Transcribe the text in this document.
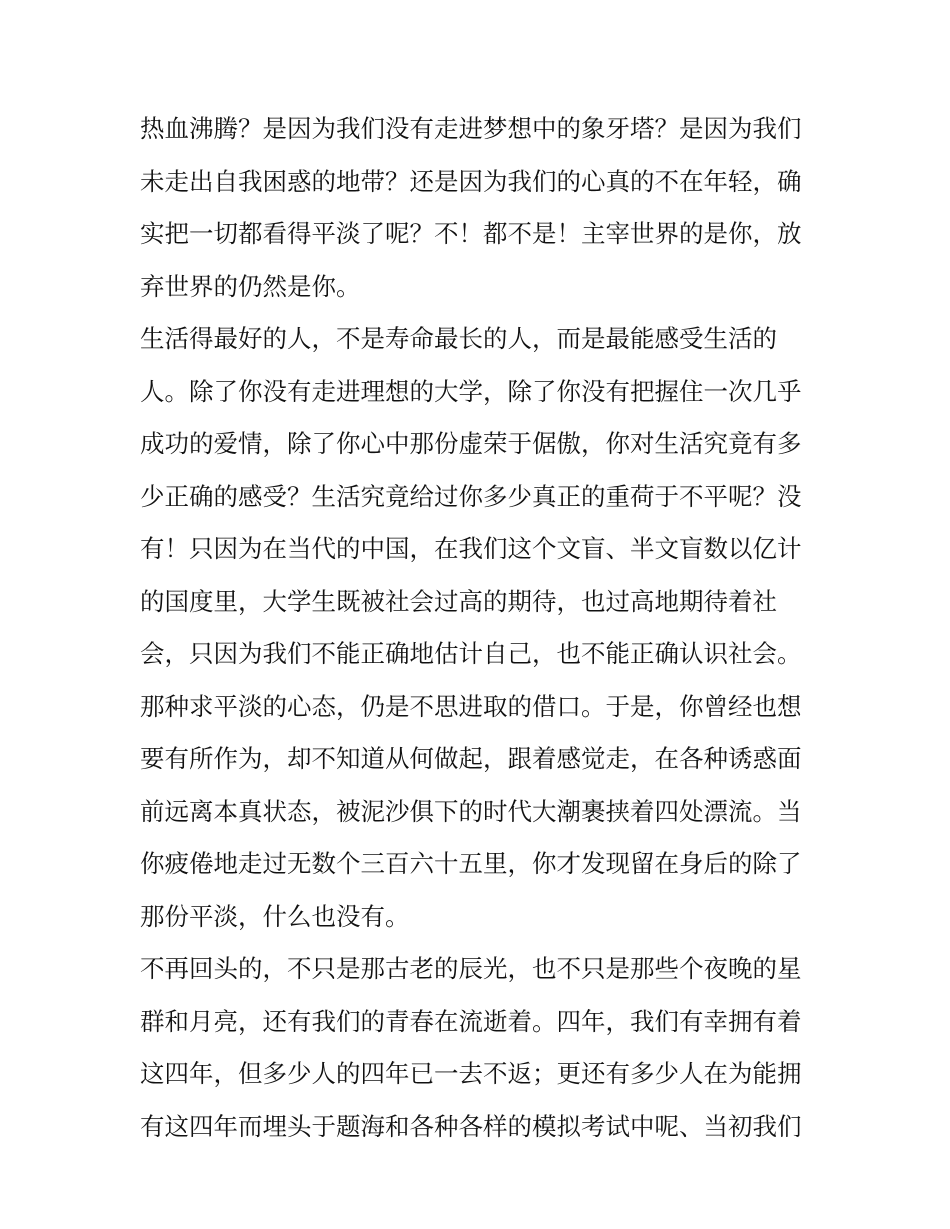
热血沸腾？是因为我们没有走进梦想中的象牙塔？是因为我们
未走出自我困惑的地带？还是因为我们的心真的不在年轻，确
实把一切都看得平淡了呢？不！都不是！主宰世界的是你，放
弃世界的仍然是你。
生活得最好的人，不是寿命最长的人，而是最能感受生活的
人。除了你没有走进理想的大学，除了你没有把握住一次几乎
成功的爱情，除了你心中那份虚荣于倨傲，你对生活究竟有多
少正确的感受？生活究竟给过你多少真正的重荷于不平呢？没
有！只因为在当代的中国，在我们这个文盲、半文盲数以亿计
的国度里，大学生既被社会过高的期待，也过高地期待着社
会，只因为我们不能正确地估计自己，也不能正确认识社会。
那种求平淡的心态，仍是不思进取的借口。于是，你曾经也想
要有所作为，却不知道从何做起，跟着感觉走，在各种诱惑面
前远离本真状态，被泥沙俱下的时代大潮裹挟着四处漂流。当
你疲倦地走过无数个三百六十五里，你才发现留在身后的除了
那份平淡，什么也没有。
不再回头的，不只是那古老的辰光，也不只是那些个夜晚的星
群和月亮，还有我们的青春在流逝着。四年，我们有幸拥有着
这四年，但多少人的四年已一去不返；更还有多少人在为能拥
有这四年而埋头于题海和各种各样的模拟考试中呢、当初我们
